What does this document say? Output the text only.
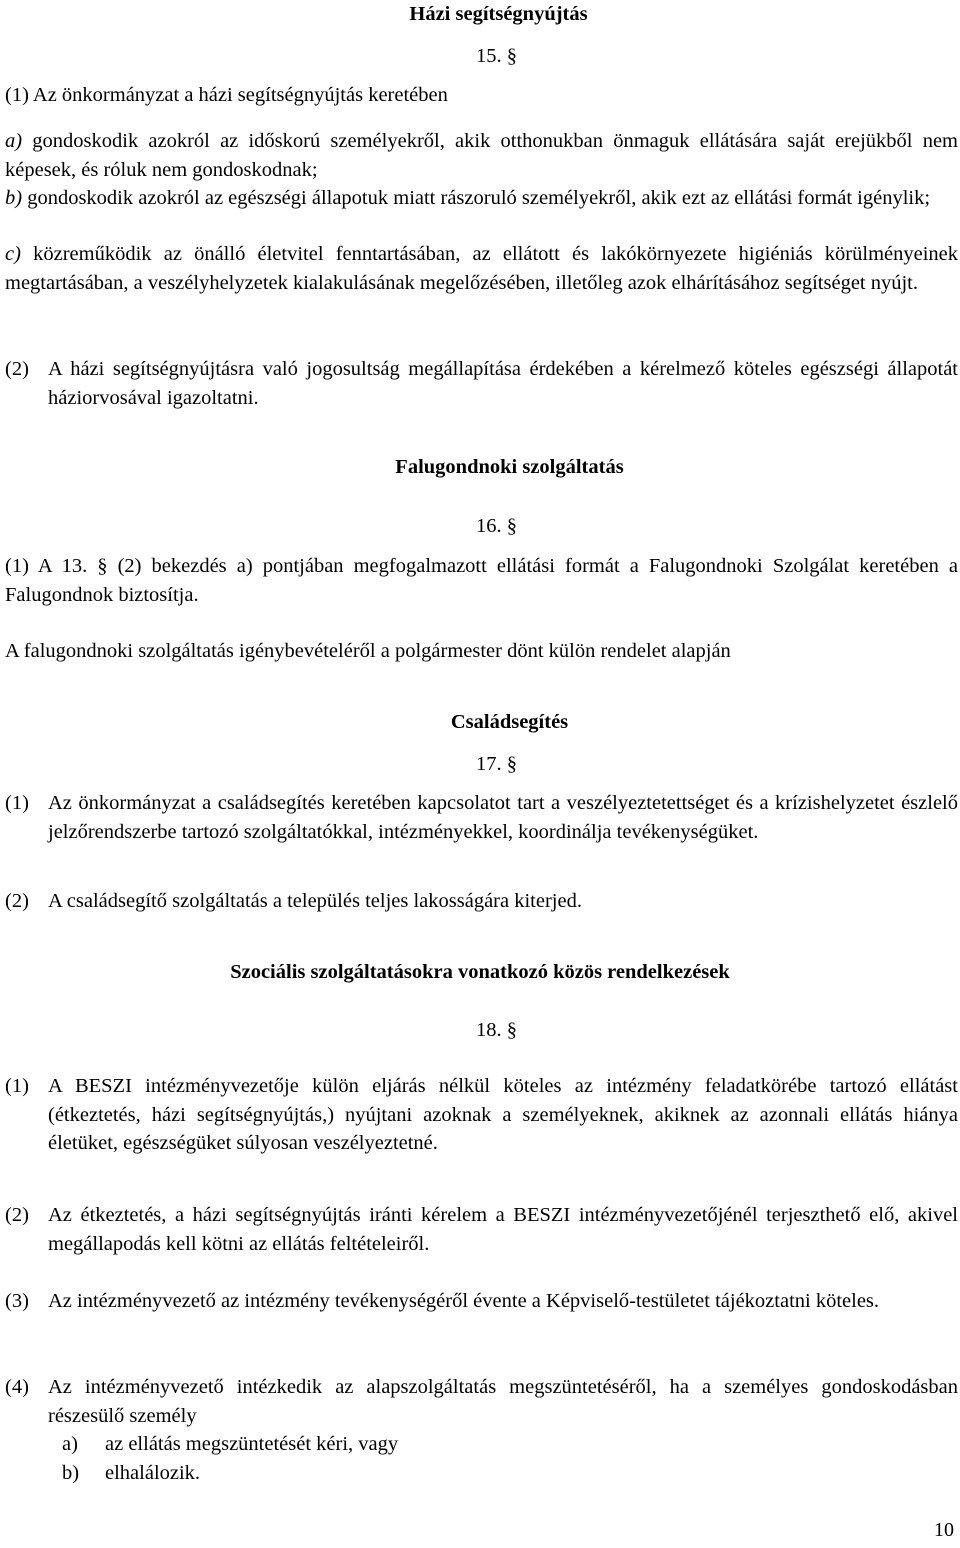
Házi segítségnyújtás
15. §
(1) Az önkormányzat a házi segítségnyújtás keretében
a) gondoskodik azokról az időskorú személyekről, akik otthonukban önmaguk ellátására saját erejükből nem képesek, és róluk nem gondoskodnak;
b) gondoskodik azokról az egészségi állapotuk miatt rászoruló személyekről, akik ezt az ellátási formát igénylik;
c) közreműködik az önálló életvitel fenntartásában, az ellátott és lakókörnyezete higiéniás körülményeinek megtartásában, a veszélyhelyzetek kialakulásának megelőzésében, illetőleg azok elhárításához segítséget nyújt.
(2) A házi segítségnyújtásra való jogosultság megállapítása érdekében a kérelmező köteles egészségi állapotát háziorvosával igazoltatni.
Falugondnoki szolgáltatás
16. §
(1) A 13. § (2) bekezdés a) pontjában megfogalmazott ellátási formát a Falugondnoki Szolgálat keretében a Falugondnok biztosítja.
A falugondnoki szolgáltatás igénybevételéről a polgármester dönt külön rendelet alapján
Családsegítés
17. §
(1) Az önkormányzat a családsegítés keretében kapcsolatot tart a veszélyeztetettséget és a krízishelyzetet észlelő jelzőrendszerbe tartozó szolgáltatókkal, intézményekkel, koordinálja tevékenységüket.
(2) A családsegítő szolgáltatás a település teljes lakosságára kiterjed.
Szociális szolgáltatásokra vonatkozó közös rendelkezések
18. §
(1) A BESZI intézményvezetője külön eljárás nélkül köteles az intézmény feladatkörébe tartozó ellátást (étkeztetés, házi segítségnyújtás,) nyújtani azoknak a személyeknek, akiknek az azonnali ellátás hiánya életüket, egészségüket súlyosan veszélyeztetné.
(2) Az étkeztetés, a házi segítségnyújtás iránti kérelem a BESZI intézményvezetőjénél terjeszthető elő, akivel megállapodás kell kötni az ellátás feltételeiről.
(3) Az intézményvezető az intézmény tevékenységéről évente a Képviselő-testületet tájékoztatni köteles.
(4) Az intézményvezető intézkedik az alapszolgáltatás megszüntetéséről, ha a személyes gondoskodásban részesülő személy
a) az ellátás megszüntetését kéri, vagy
b) elhalálozik.
10
